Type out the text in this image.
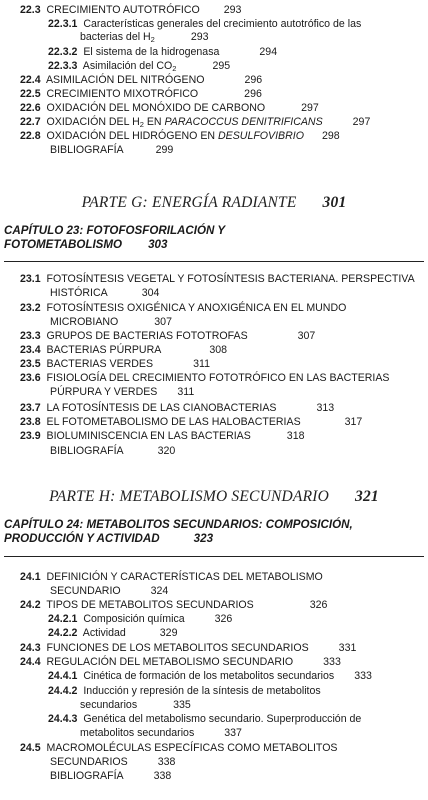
22.3 CRECIMIENTO AUTOTRÓFICO 293
22.3.1 Características generales del crecimiento autotrófico de las
bacterias del $H_2$	293
22.3.2 El sistema de la hidrogenasa	294
22.3.3 Asimilación del $CO_2$	295
22.4 ASIMILACIÓN DEL NITRÓGENO	296
22.5 CRECIMIENTO MIXOTRÓFICO	296
22.6 OXIDACIÓN DEL MONÓXIDO DE CARBONO	297
22.7 OXIDACIÓN DEL $H_2$ EN PARACOCCUS DENITRIFICANS	297
22.8 OXIDACIÓN DEL HIDRÓGENO EN DESULFOVIBRIO 298
BIBLIOGRAFÍA	299
PARTE G: ENERGÍA RADIANTE 301
CAPÍTULO 23: FOTOFOSFORILACIÓN Y
FOTOMETABOLISMO 303
23.1 FOTOSÍNTESIS VEGETAL Y FOTOSÍNTESIS BACTERIANA. PERSPECTIVA
HISTÓRICA	304
23.2 FOTOSÍNTESIS OXIGÉNICA Y ANOXIGÉNICA EN EL MUNDO
MICROBIANO	307
23.3 GRUPOS DE BACTERIAS FOTOTROFAS	307
23.4 BACTERIAS PÚRPURA	308
23.5 BACTERIAS VERDES	311
23.6 FISIOLOGÍA DEL CRECIMIENTO FOTOTRÓFICO EN LAS BACTERIAS
PÚRPURA Y VERDES 311
23.7 LA FOTOSÍNTESIS DE LAS CIANOBACTERIAS	313
23.8 EL FOTOMETABOLISMO DE LAS HALOBACTERIAS	317
23.9 BIOLUMINISCENCIA EN LAS BACTERIAS	318
BIBLIOGRAFÍA	320
PARTE H: METABOLISMO SECUNDARIO 321
CAPÍTULO 24: METABOLITOS SECUNDARIOS: COMPOSICIÓN,
PRODUCCIÓN Y ACTIVIDAD	323
24.1 DEFINICIÓN Y CARACTERÍSTICAS DEL METABOLISMO
SECUNDARIO	324
24.2 TIPOS DE METABOLITOS SECUNDARIOS	326
24.2.1 Composición química	326
24.2.2 Actividad	329
24.3 FUNCIONES DE LOS METABOLITOS SECUNDARIOS	331
24.4 REGULACIÓN DEL METABOLISMO SECUNDARIO	333
24.4.1 Cinética de formación de los metabolitos secundarios 333
24.4.2 Inducción y represión de la síntesis de metabolitos
secundarios	335
24.4.3 Genética del metabolismo secundario. Superproducción de
metabolitos secundarios	337
24.5 MACROMOLÉCULAS ESPECÍFICAS COMO METABOLITOS
SECUNDARIOS	338
BIBLIOGRAFÍA	338
